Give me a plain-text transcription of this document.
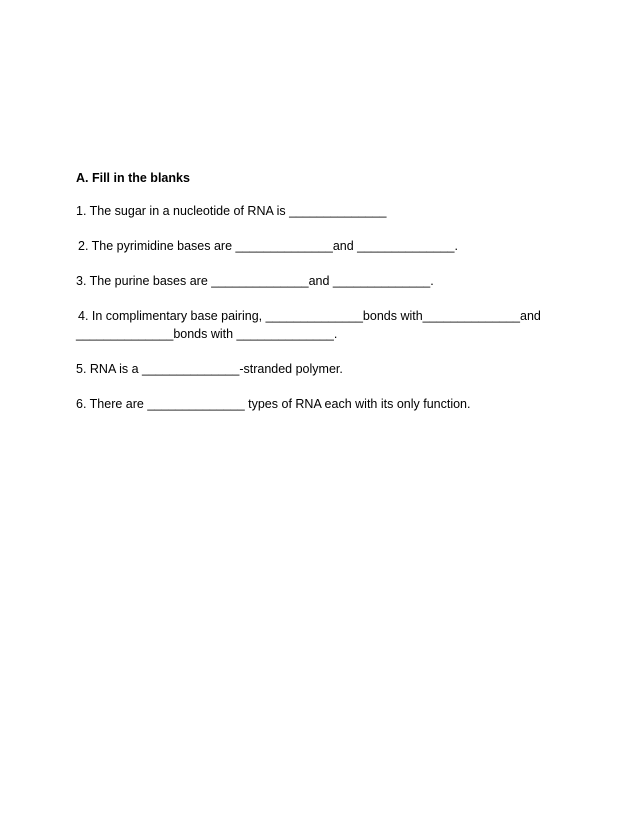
A. Fill in the blanks
1. The sugar in a nucleotide of RNA is ______________
2. The pyrimidine bases are ______________and ______________.
3. The purine bases are ______________and ______________.
4. In complimentary base pairing, ______________bonds with______________and
______________bonds with ______________.
5. RNA is a ______________-stranded polymer.
6. There are ______________ types of RNA each with its only function.
